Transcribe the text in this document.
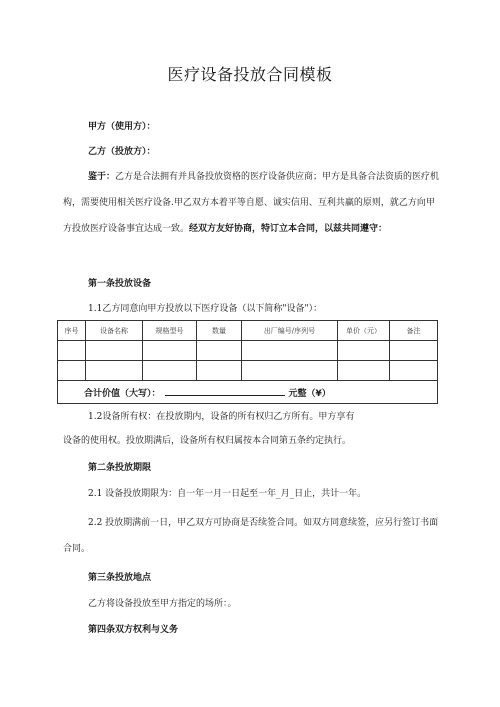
医疗设备投放合同模板
甲方（使用方）：
乙方（投放方）：
鉴于：乙方是合法拥有并具备投放资格的医疗设备供应商；甲方是具备合法资质的医疗机构，需要使用相关医疗设备.甲乙双方本着平等自愿、诚实信用、互利共赢的原则，就乙方向甲方投放医疗设备事宜达成一致。经双方友好协商，特订立本合同，以兹共同遵守：
第一条投放设备
1.1乙方同意向甲方投放以下医疗设备（以下简称"设备"）：
序号	设备名称	规格型号	数量	出厂编号/序列号	单价（元）	备注

合计价值（大写）： 元整（¥）						
1.2设备所有权：在投放期内，设备的所有权归乙方所有。甲方享有
设备的使用权。投放期满后，设备所有权归属按本合同第五条约定执行。
第二条投放期限
2.1 设备投放期限为：自一年一月一日起至一年_月_日止，共计一年。
2.2 投放期满前一日，甲乙双方可协商是否续签合同。如双方同意续签，应另行签订书面合同。
第三条投放地点
乙方将设备投放至甲方指定的场所：。
第四条双方权利与义务
